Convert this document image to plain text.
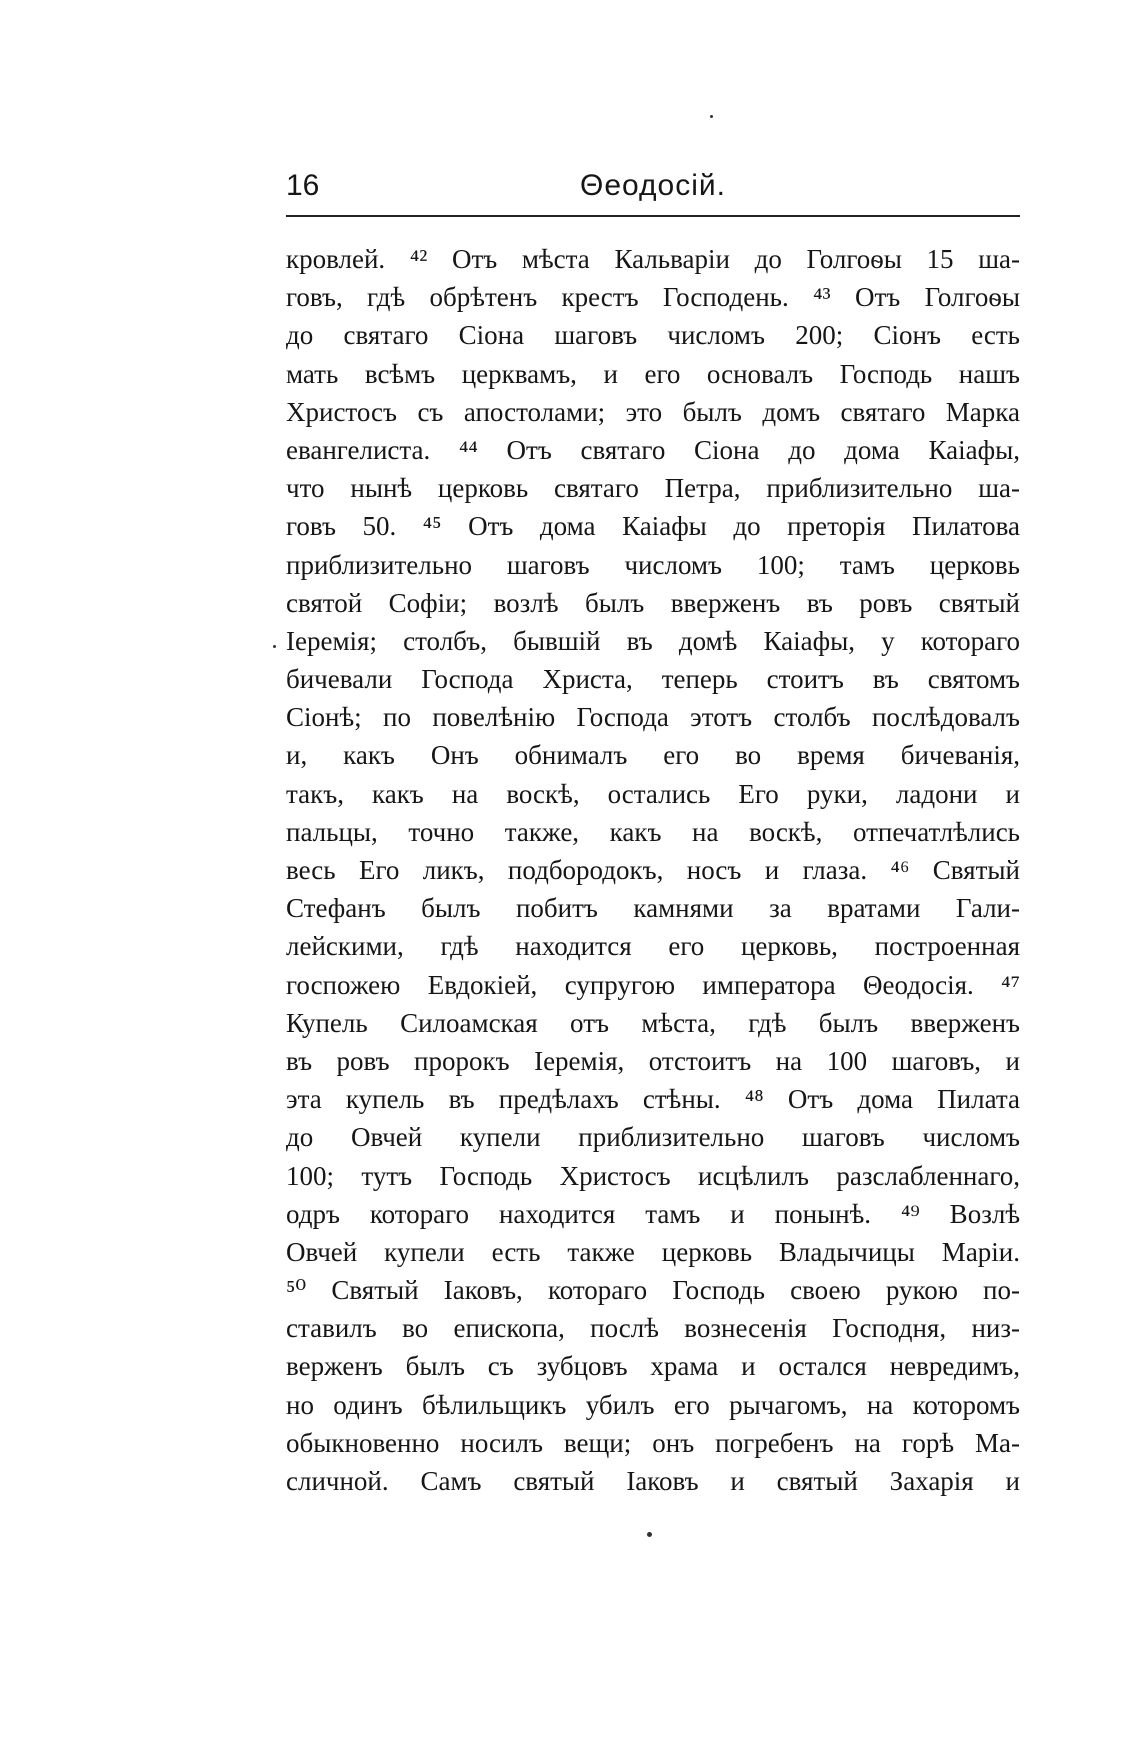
16	Θеодосій.
кровлей. ⁴² Отъ мѣста Кальваріи до Голгоѳы 15 ша-
говъ, гдѣ обрѣтенъ крестъ Господень. ⁴³ Отъ Голгоѳы
до святаго Сіона шаговъ числомъ 200; Сіонъ есть
мать всѣмъ церквамъ, и его основалъ Господь нашъ
Христосъ съ апостолами; это былъ домъ святаго Марка
евангелиста. ⁴⁴ Отъ святаго Сіона до дома Каіафы,
что нынѣ церковь святаго Петра, приблизительно ша-
говъ 50. ⁴⁵ Отъ дома Каіафы до преторія Пилатова
приблизительно шаговъ числомъ 100; тамъ церковь
святой Софіи; возлѣ былъ вверженъ въ ровъ святый
Іеремія; столбъ, бывшій въ домѣ Каіафы, у котораго
бичевали Господа Христа, теперь стоитъ въ святомъ
Сіонѣ; по повелѣнію Господа этотъ столбъ послѣдовалъ
и, какъ Онъ обнималъ его во время бичеванія,
такъ, какъ на воскѣ, остались Его руки, ладони и
пальцы, точно также, какъ на воскѣ, отпечатлѣлись
весь Его ликъ, подбородокъ, носъ и глаза. ⁴⁶ Святый
Стефанъ былъ побитъ камнями за вратами Гали-
лейскими, гдѣ находится его церковь, построенная
госпожею Евдокіей, супругою императора Θеодосія. ⁴⁷
Купель Силоамская отъ мѣста, гдѣ былъ вверженъ
въ ровъ пророкъ Іеремія, отстоитъ на 100 шаговъ, и
эта купель въ предѣлахъ стѣны. ⁴⁸ Отъ дома Пилата
до Овчей купели приблизительно шаговъ числомъ
100; тутъ Господь Христосъ исцѣлилъ разслабленнаго,
одръ котораго находится тамъ и понынѣ. ⁴⁹ Возлѣ
Овчей купели есть также церковь Владычицы Маріи.
⁵⁰ Святый Іаковъ, котораго Господь своею рукою по-
ставилъ во епископа, послѣ вознесенія Господня, низ-
верженъ былъ съ зубцовъ храма и остался невредимъ,
но одинъ бѣлильщикъ убилъ его рычагомъ, на которомъ
обыкновенно носилъ вещи; онъ погребенъ на горѣ Ма-
сличной. Самъ святый Іаковъ и святый Захарія и
